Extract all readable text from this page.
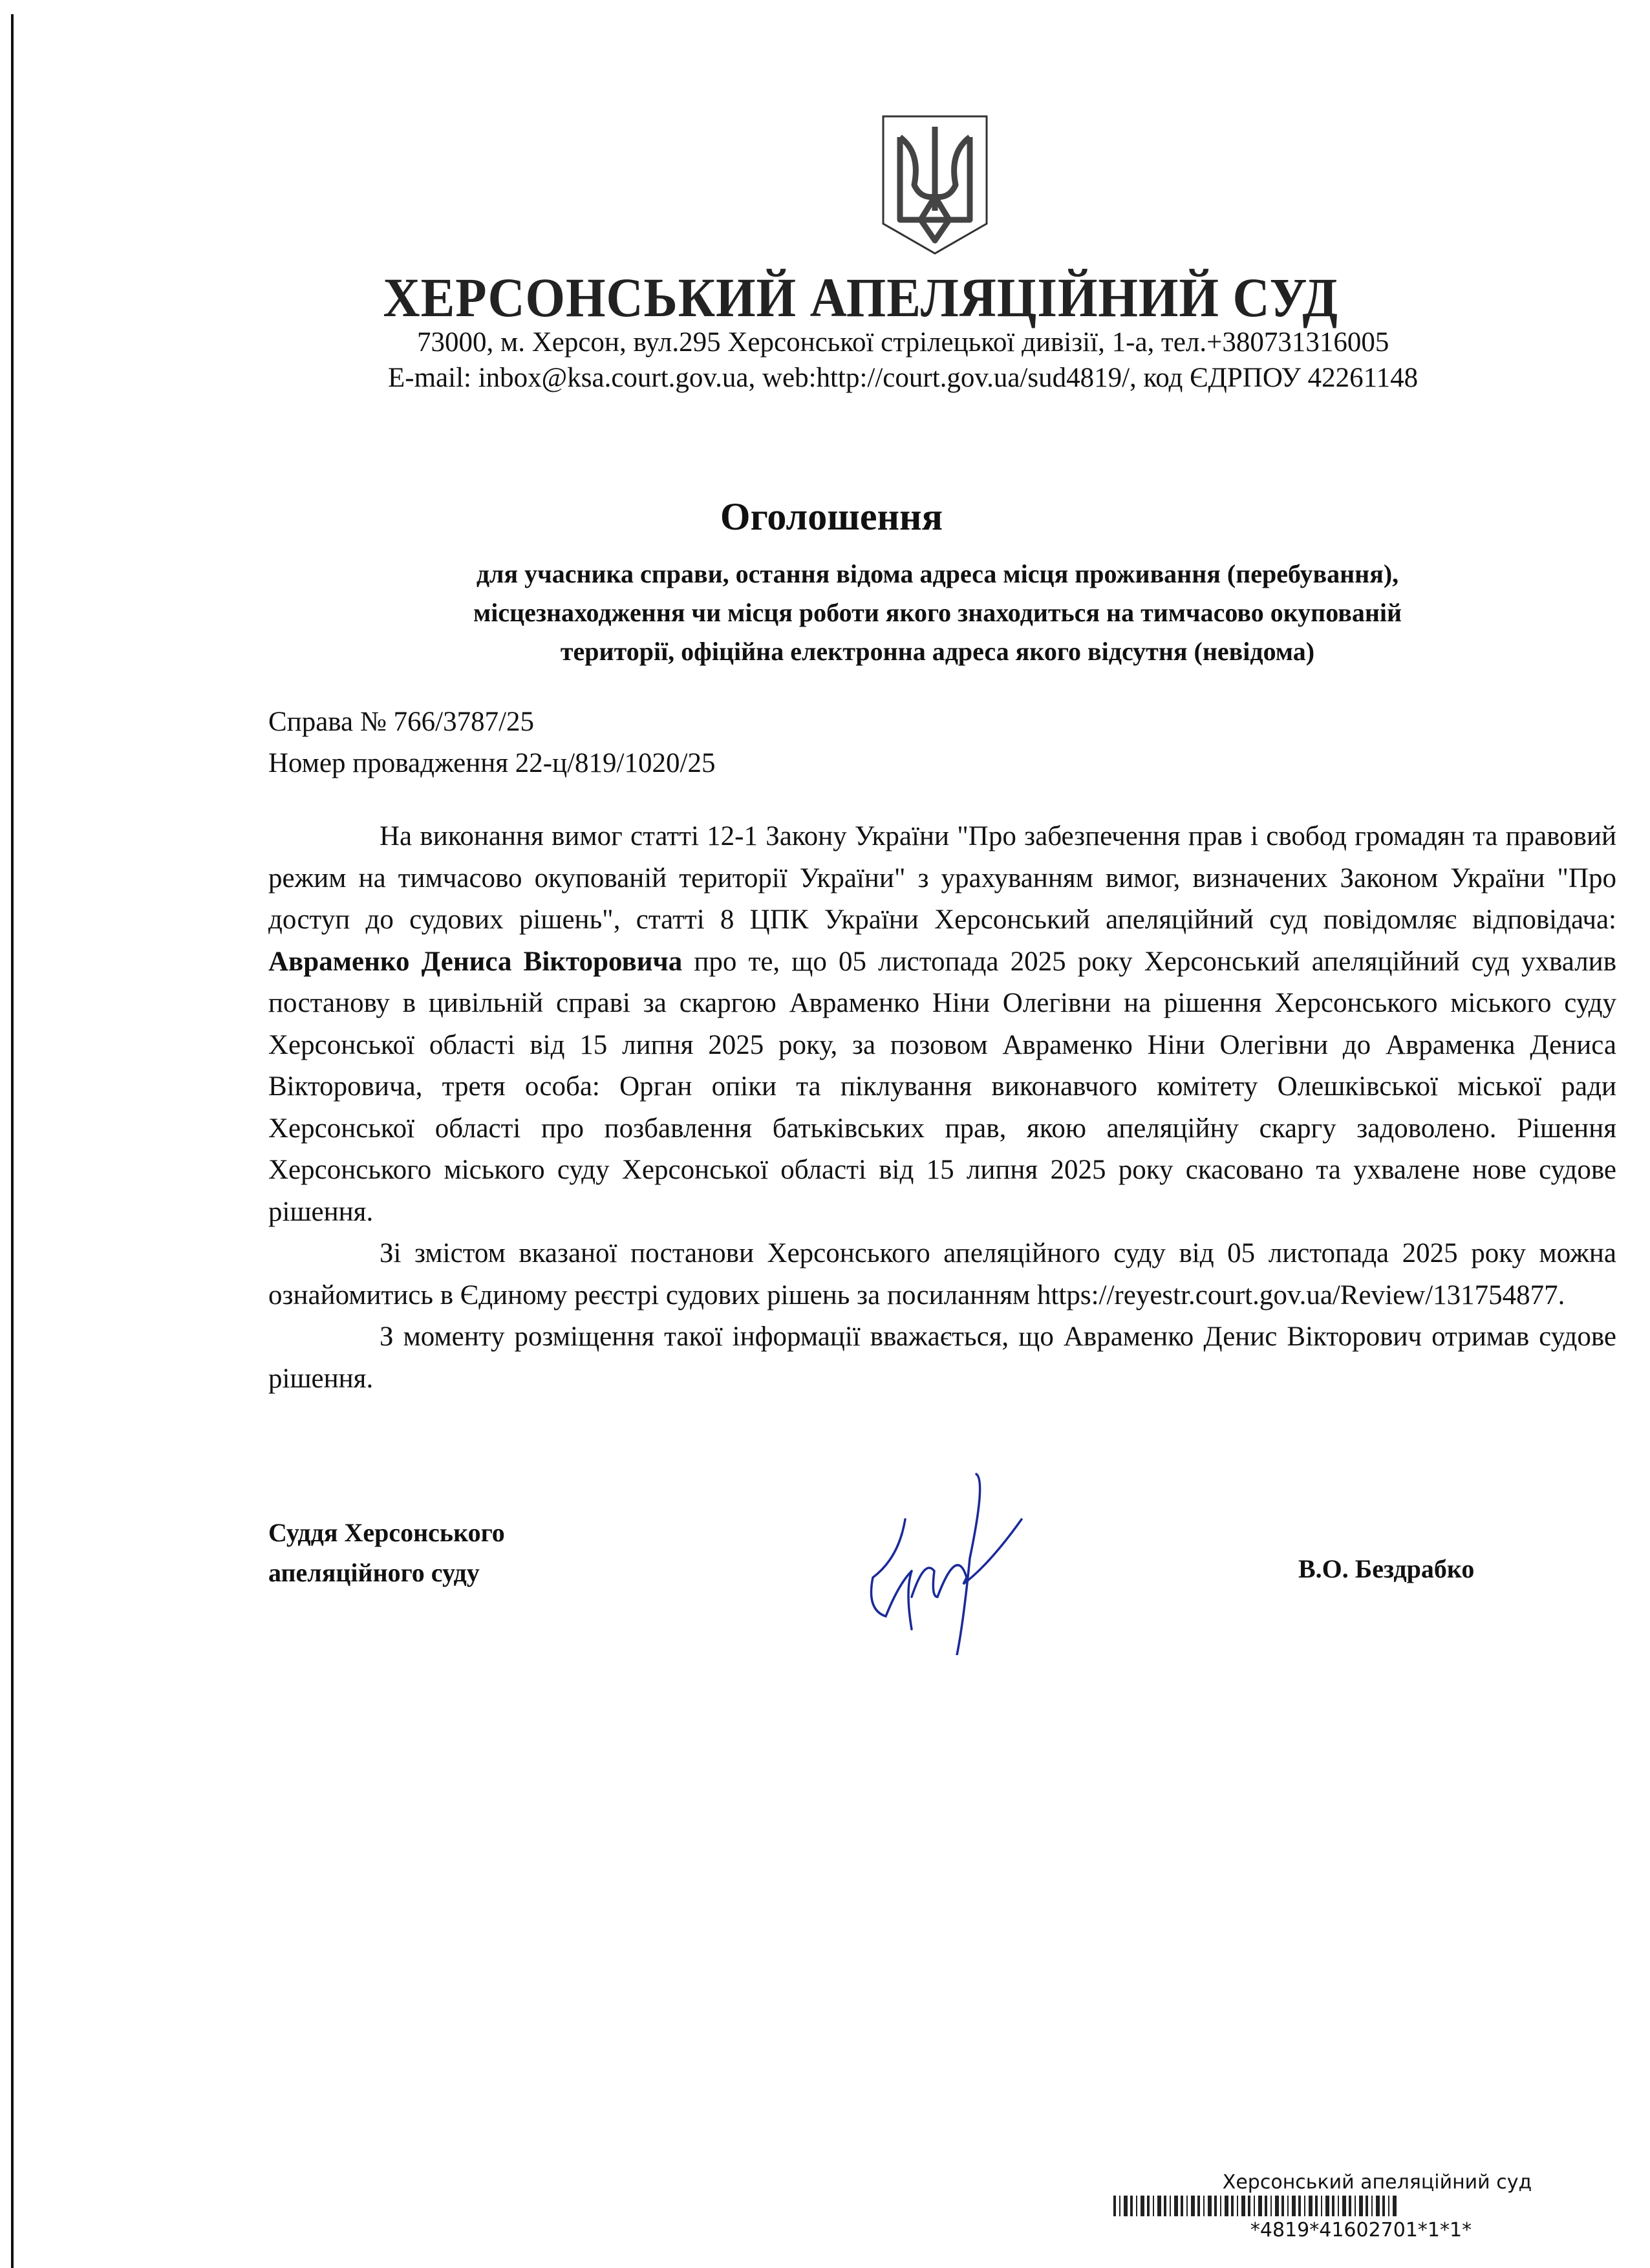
ХЕРСОНСЬКИЙ АПЕЛЯЦІЙНИЙ СУД
73000, м. Херсон, вул.295 Херсонської стрілецької дивізії, 1-а, тел.+380731316005
E-mail: inbox@ksa.court.gov.ua, web:http://court.gov.ua/sud4819/, код ЄДРПОУ 42261148
Оголошення
для учасника справи, остання відома адреса місця проживання (перебування),
місцезнаходження чи місця роботи якого знаходиться на тимчасово окупованій
території, офіційна електронна адреса якого відсутня (невідома)
Справа № 766/3787/25
Номер провадження 22-ц/819/1020/25

На виконання вимог статті 12-1 Закону України "Про забезпечення прав і свобод громадян та правовий режим на тимчасово окупованій території України" з урахуванням вимог, визначених Законом України "Про доступ до судових рішень", статті 8 ЦПК України Херсонський апеляційний суд повідомляє відповідача: Авраменко Дениса Вікторовича про те, що 05 листопада 2025 року Херсонський апеляційний суд ухвалив постанову в цивільній справі за скаргою Авраменко Ніни Олегівни на рішення Херсонського міського суду Херсонської області від 15 липня 2025 року, за позовом Авраменко Ніни Олегівни до Авраменка Дениса Вікторовича, третя особа: Орган опіки та піклування виконавчого комітету Олешківської міської ради Херсонської області про позбавлення батьківських прав, якою апеляційну скаргу задоволено. Рішення Херсонського міського суду Херсонської області від 15 липня 2025 року скасовано та ухвалене нове судове рішення.

Зі змістом вказаної постанови Херсонського апеляційного суду від 05 листопада 2025 року можна ознайомитись в Єдиному реєстрі судових рішень за посиланням https://reyestr.court.gov.ua/Review/131754877.

З моменту розміщення такої інформації вважається, що Авраменко Денис Вікторович отримав судове рішення.

Суддя Херсонського
апеляційного суду	В.О. Бездрабко
Херсонський апеляційний суд
*4819*41602701*1*1*
